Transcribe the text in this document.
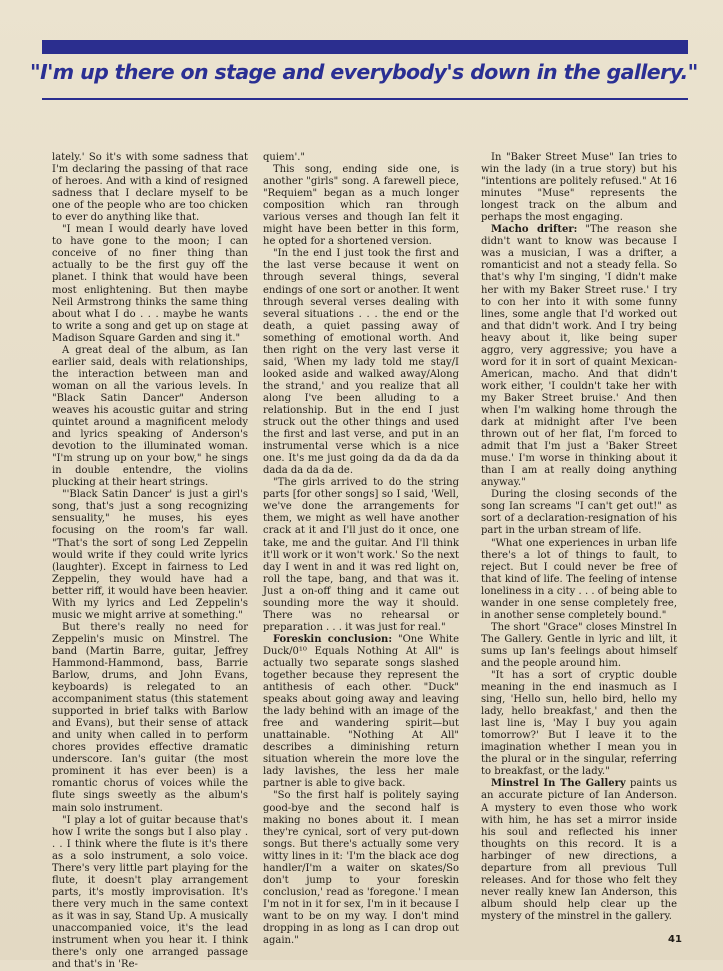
"I'm up there on stage and everybody's down in the gallery."

lately.' So it's with some sadness that I'm declaring the passing of that race of heroes. And with a kind of resigned sadness that I declare myself to be one of the people who are too chicken to ever do anything like that.

"I mean I would dearly have loved to have gone to the moon; I can conceive of no finer thing than actually to be the first guy off the planet. I think that would have been most enlightening. But then maybe Neil Armstrong thinks the same thing about what I do . . . maybe he wants to write a song and get up on stage at Madison Square Garden and sing it."

A great deal of the album, as Ian earlier said, deals with relationships, the interaction between man and woman on all the various levels. In "Black Satin Dancer" Anderson weaves his acoustic guitar and string quintet around a magnificent melody and lyrics speaking of Anderson's devotion to the illuminated woman. "I'm strung up on your bow," he sings in double entendre, the violins plucking at their heart strings.

"'Black Satin Dancer' is just a girl's song, that's just a song recognizing sensuality," he muses, his eyes focusing on the room's far wall. "That's the sort of song Led Zeppelin would write if they could write lyrics (laughter). Except in fairness to Led Zeppelin, they would have had a better riff, it would have been heavier. With my lyrics and Led Zeppelin's music we might arrive at something."

But there's really no need for Zeppelin's music on Minstrel. The band (Martin Barre, guitar, Jeffrey Hammond-Hammond, bass, Barrie Barlow, drums, and John Evans, keyboards) is relegated to an accompaniment status (this statement supported in brief talks with Barlow and Evans), but their sense of attack and unity when called in to perform chores provides effective dramatic underscore. Ian's guitar (the most prominent it has ever been) is a romantic chorus of voices while the flute sings sweetly as the album's main solo instrument.

"I play a lot of guitar because that's how I write the songs but I also play . . . I think where the flute is it's there as a solo instrument, a solo voice. There's very little part playing for the flute, it doesn't play arrangement parts, it's mostly improvisation. It's there very much in the same context as it was in say, Stand Up. A musically unaccompanied voice, it's the lead instrument when you hear it. I think there's only one arranged passage and that's in 'Re-

quiem'."

This song, ending side one, is another "girls" song. A farewell piece, "Requiem" began as a much longer composition which ran through various verses and though Ian felt it might have been better in this form, he opted for a shortened version.

"In the end I just took the first and the last verse because it went on through several things, several endings of one sort or another. It went through several verses dealing with several situations . . . the end or the death, a quiet passing away of something of emotional worth. And then right on the very last verse it said, 'When my lady told me stay/I looked aside and walked away/Along the strand,' and you realize that all along I've been alluding to a relationship. But in the end I just struck out the other things and used the first and last verse, and put in an instrumental verse which is a nice one. It's me just going da da da da da dada da da da de.

"The girls arrived to do the string parts [for other songs] so I said, 'Well, we've done the arrangements for them, we might as well have another crack at it and I'll just do it once, one take, me and the guitar. And I'll think it'll work or it won't work.' So the next day I went in and it was red light on, roll the tape, bang, and that was it. Just a on-off thing and it came out sounding more the way it should. There was no rehearsal or preparation . . . it was just for real."

Foreskin conclusion: "One White Duck/0¹⁰ Equals Nothing At All" is actually two separate songs slashed together because they represent the antithesis of each other. "Duck" speaks about going away and leaving the lady behind with an image of the free and wandering spirit—but unattainable. "Nothing At All" describes a diminishing return situation wherein the more love the lady lavishes, the less her male partner is able to give back.

"So the first half is politely saying good-bye and the second half is making no bones about it. I mean they're cynical, sort of very put-down songs. But there's actually some very witty lines in it: 'I'm the black ace dog handler/I'm a waiter on skates/So don't jump to your foreskin conclusion,' read as 'foregone.' I mean I'm not in it for sex, I'm in it because I want to be on my way. I don't mind dropping in as long as I can drop out again."

In "Baker Street Muse" Ian tries to win the lady (in a true story) but his "intentions are politely refused." At 16 minutes "Muse" represents the longest track on the album and perhaps the most engaging.

Macho drifter: "The reason she didn't want to know was because I was a musician, I was a drifter, a romanticist and not a steady fella. So that's why I'm singing, 'I didn't make her with my Baker Street ruse.' I try to con her into it with some funny lines, some angle that I'd worked out and that didn't work. And I try being heavy about it, like being super aggro, very aggressive; you have a word for it in sort of quaint Mexican-American, macho. And that didn't work either, 'I couldn't take her with my Baker Street bruise.' And then when I'm walking home through the dark at midnight after I've been thrown out of her flat, I'm forced to admit that I'm just a 'Baker Street muse.' I'm worse in thinking about it than I am at really doing anything anyway."

During the closing seconds of the song Ian screams "I can't get out!" as sort of a declaration-resignation of his part in the urban stream of life.

"What one experiences in urban life there's a lot of things to fault, to reject. But I could never be free of that kind of life. The feeling of intense loneliness in a city . . . of being able to wander in one sense completely free, in another sense completely bound."

The short "Grace" closes Minstrel In The Gallery. Gentle in lyric and lilt, it sums up Ian's feelings about himself and the people around him.

"It has a sort of cryptic double meaning in the end inasmuch as I sing, 'Hello sun, hello bird, hello my lady, hello breakfast,' and then the last line is, 'May I buy you again tomorrow?' But I leave it to the imagination whether I mean you in the plural or in the singular, referring to breakfast, or the lady."

Minstrel In The Gallery paints us an accurate picture of Ian Anderson. A mystery to even those who work with him, he has set a mirror inside his soul and reflected his inner thoughts on this record. It is a harbinger of new directions, a departure from all previous Tull releases. And for those who felt they never really knew Ian Anderson, this album should help clear up the mystery of the minstrel in the gallery.

41
